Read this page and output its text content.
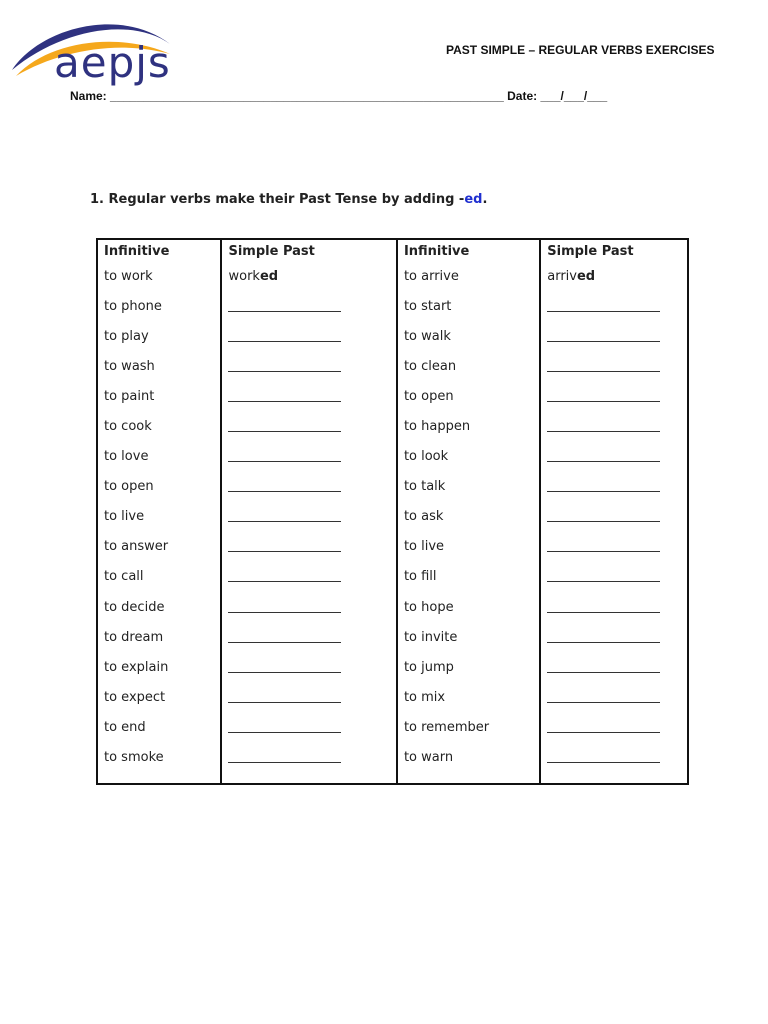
aepjs	PAST SIMPLE – REGULAR VERBS EXERCISES
Name: ___________________________________________________________ Date: ___/___/___
1. Regular verbs make their Past Tense by adding -ed.
Infinitive	Simple Past	Infinitive	Simple Past
to work	worked	to arrive	arrived
to phone		to start	
to play		to walk	
to wash		to clean	
to paint		to open	
to cook		to happen	
to love		to look	
to open		to talk	
to live		to ask	
to answer		to live	
to call		to fill	
to decide		to hope	
to dream		to invite	
to explain		to jump	
to expect		to mix	
to end		to remember	
to smoke		to warn	
